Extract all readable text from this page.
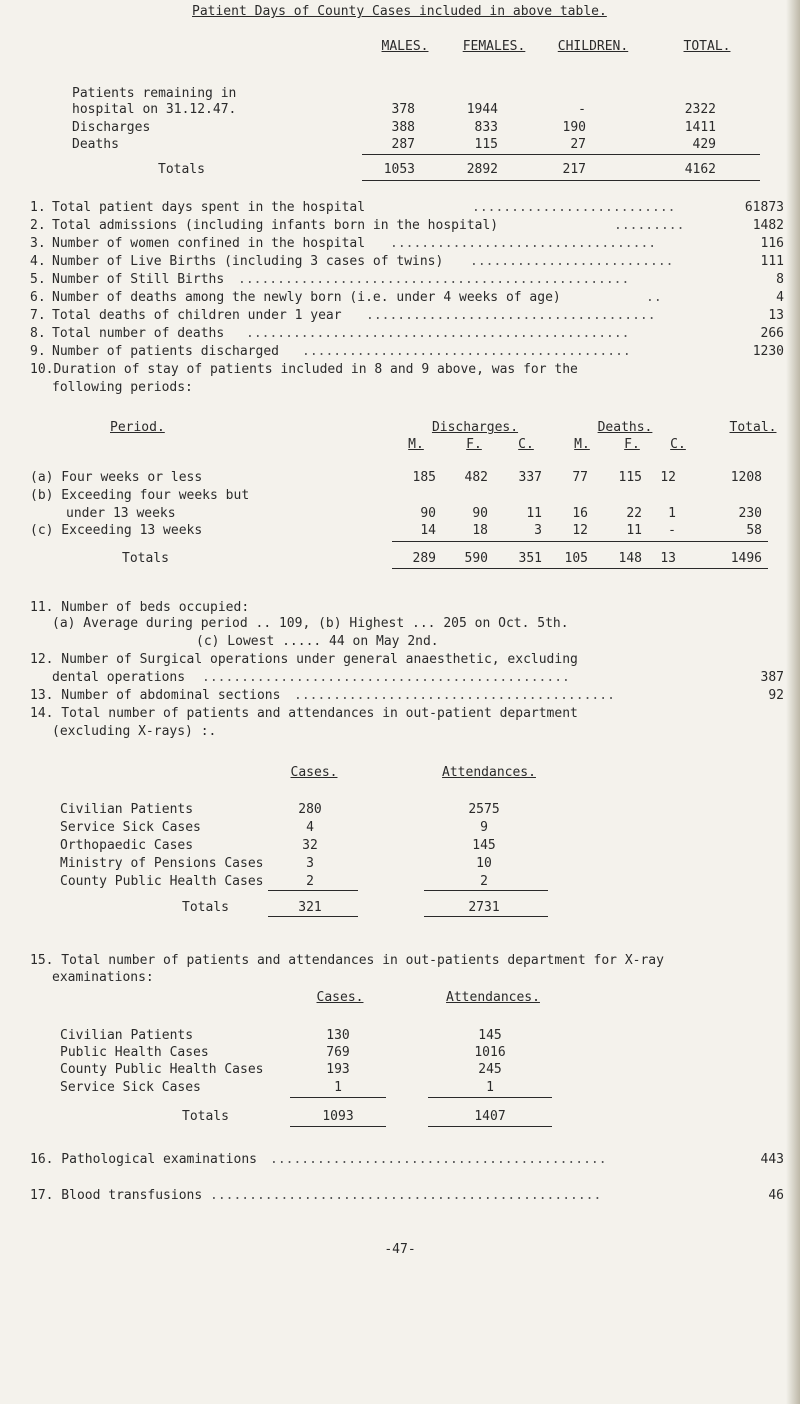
Patient Days of County Cases included in above table.
MALES.	FEMALES.	CHILDREN.	TOTAL.
Patients remaining in
hospital on 31.12.47.	378	1944	-	2322
Discharges	388	833	190	1411
Deaths	287	115	27	429
Totals	1053	2892	217	4162
1. Total patient days spent in the hospital	..........................	61873
2. Total admissions (including infants born in the hospital)	.........	1482
3. Number of women confined in the hospital ..................................	116
4. Number of Live Births (including 3 cases of twins) ..........................	111
5. Number of Still Births ..................................................	8
6. Number of deaths among the newly born (i.e. under 4 weeks of age)	..	4
7. Total deaths of children under 1 year .....................................	13
8. Total number of deaths .................................................	266
9. Number of patients discharged ..........................................	1230
10.Duration of stay of patients included in 8 and 9 above, was for the
following periods:
Period.	Discharges.	Deaths.	Total.
M.	F.	C.	M.	F.	C.
(a) Four weeks or less	185	482	337	77	115	12	1208
(b) Exceeding four weeks but
under 13 weeks	90	90	11	16	22	1	230
(c) Exceeding 13 weeks	14	18	3	12	11	-	58
Totals	289	590	351	105	148	13	1496
11. Number of beds occupied:
(a) Average during period .. 109, (b) Highest ... 205 on Oct. 5th.
(c) Lowest ..... 44 on May 2nd.
12. Number of Surgical operations under general anaesthetic, excluding
dental operations ...............................................	387
13. Number of abdominal sections .........................................	92
14. Total number of patients and attendances in out-patient department
(excluding X-rays) :.
Cases.	Attendances.
Civilian Patients	280	2575
Service Sick Cases	4	9
Orthopaedic Cases	32	145
Ministry of Pensions Cases	3	10
County Public Health Cases	2	2
Totals	321	2731
15. Total number of patients and attendances in out-patients department for X-ray
examinations:
Cases.	Attendances.
Civilian Patients	130	145
Public Health Cases	769	1016
County Public Health Cases	193	245
Service Sick Cases	1	1
Totals	1093	1407
16. Pathological examinations ...........................................	443
17. Blood transfusions ..................................................	46
-47-
